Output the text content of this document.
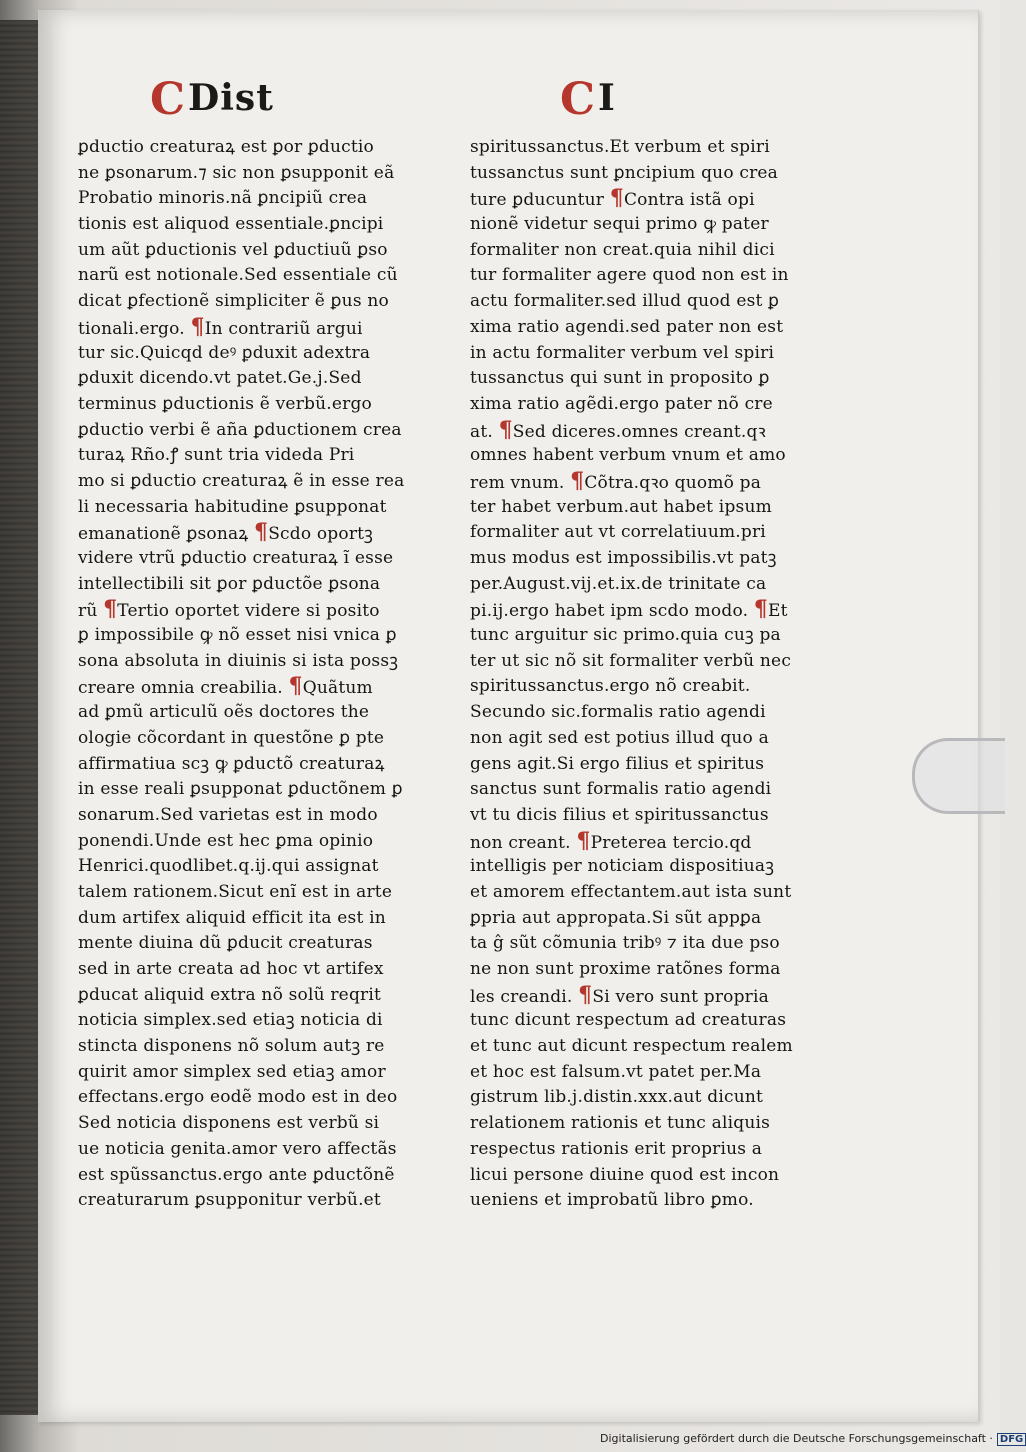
CDist	CI
ꝑductio creaturaꝝ est ꝑor ꝑductio
ne ꝑsonarum.⁊ sic non ꝑsupponit eã
Probatio minoris.nã ꝑncipiũ crea
tionis est aliquod essentiale.ꝑncipi
um aũt ꝑductionis vel ꝑductiuũ ꝑso
narũ est notionale.Sed essentiale cũ
dicat ꝑfectionẽ simpliciter ẽ ꝑus no
tionali.ergo. ¶In contrariũ argui
tur sic.Quicqd deꝰ ꝑduxit adextra
ꝑduxit dicendo.vt patet.Ge.j.Sed
terminus ꝑductionis ẽ verbũ.ergo
ꝑductio verbi ẽ aña ꝑductionem crea
turaꝝ Rño.ꝭ sunt tria videda Pri
mo si ꝑductio creaturaꝝ ẽ in esse rea
li necessaria habitudine ꝑsupponat
emanationẽ ꝑsonaꝝ ¶Scdo oportꝫ
videre vtrũ ꝑductio creaturaꝝ ĩ esse
intellectibili sit ꝑor ꝑductõe ꝑsona
rũ ¶Tertio oportet videre si posito
ꝑ impossibile ꝙ nõ esset nisi vnica ꝑ
sona absoluta in diuinis si ista possꝫ
creare omnia creabilia. ¶Quãtum
ad ꝑmũ articulũ oẽs doctores the
ologie cõcordant in questõne ꝑ pte
affirmatiua scꝫ ꝙ ꝑductõ creaturaꝝ
in esse reali ꝑsupponat ꝑductõnem ꝑ
sonarum.Sed varietas est in modo
ponendi.Unde est hec ꝑma opinio
Henrici.quodlibet.q.ij.qui assignat
talem rationem.Sicut enĩ est in arte
dum artifex aliquid efficit ita est in
mente diuina dũ ꝑducit creaturas
sed in arte creata ad hoc vt artifex
ꝑducat aliquid extra nõ solũ reqrit
noticia simplex.sed etiaꝫ noticia di
stincta disponens nõ solum autꝫ re
quirit amor simplex sed etiaꝫ amor
effectans.ergo eodẽ modo est in deo
Sed noticia disponens est verbũ si
ue noticia genita.amor vero affectãs
est spũssanctus.ergo ante ꝑductõnẽ
creaturarum ꝑsupponitur verbũ.et
spiritussanctus.Et verbum et spiri
tussanctus sunt ꝑncipium quo crea
ture ꝑducuntur ¶Contra istã opi
nionẽ videtur sequi primo ꝙ pater
formaliter non creat.quia nihil dici
tur formaliter agere quod non est in
actu formaliter.sed illud quod est ꝑ
xima ratio agendi.sed pater non est
in actu formaliter verbum vel spiri
tussanctus qui sunt in proposito ꝑ
xima ratio agẽdi.ergo pater nõ cre
at. ¶Sed diceres.omnes creant.qꝛ
omnes habent verbum vnum et amo
rem vnum. ¶Cõtra.qꝛo quomõ pa
ter habet verbum.aut habet ipsum
formaliter aut vt correlatiuum.pri
mus modus est impossibilis.vt patꝫ
per.August.vij.et.ix.de trinitate ca
pi.ij.ergo habet ipm scdo modo. ¶Et
tunc arguitur sic primo.quia cuꝫ pa
ter ut sic nõ sit formaliter verbũ nec
spiritussanctus.ergo nõ creabit.
Secundo sic.formalis ratio agendi
non agit sed est potius illud quo a
gens agit.Si ergo filius et spiritus
sanctus sunt formalis ratio agendi
vt tu dicis filius et spiritussanctus
non creant. ¶Preterea tercio.qd
intelligis per noticiam dispositiuaꝫ
et amorem effectantem.aut ista sunt
ꝑpria aut appropata.Si sũt appꝑa
ta ĝ sũt cõmunia tribꝰ ⁊ ita due pso
ne non sunt proxime ratõnes forma
les creandi. ¶Si vero sunt propria
tunc dicunt respectum ad creaturas
et tunc aut dicunt respectum realem
et hoc est falsum.vt patet per.Ma
gistrum lib.j.distin.xxx.aut dicunt
relationem rationis et tunc aliquis
respectus rationis erit proprius a
licui persone diuine quod est incon
ueniens et improbatũ libro ꝑmo.
Digitalisierung gefördert durch die Deutsche Forschungsgemeinschaft · DFG
